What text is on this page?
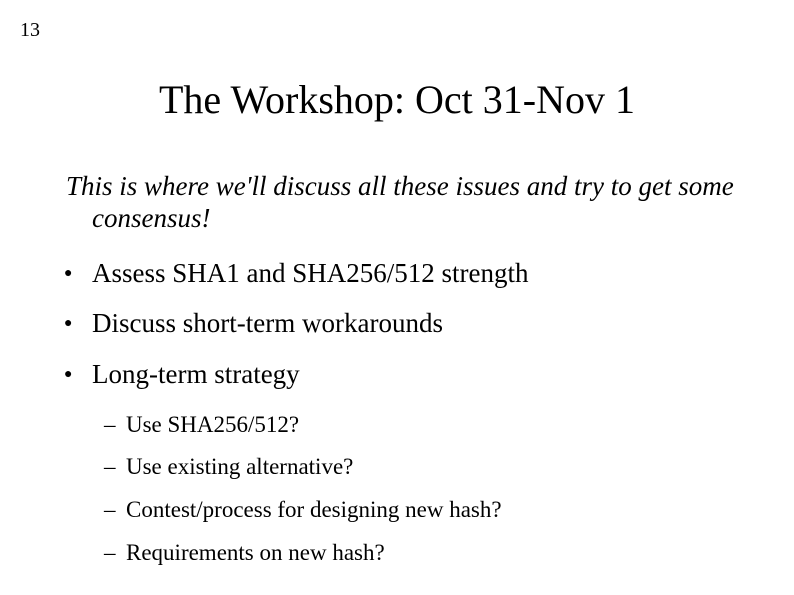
13
The Workshop: Oct 31-Nov 1
This is where we'll discuss all these issues and try to get some consensus!
● Assess SHA1 and SHA256/512 strength
● Discuss short-term workarounds
● Long-term strategy
– Use SHA256/512?
– Use existing alternative?
– Contest/process for designing new hash?
– Requirements on new hash?
